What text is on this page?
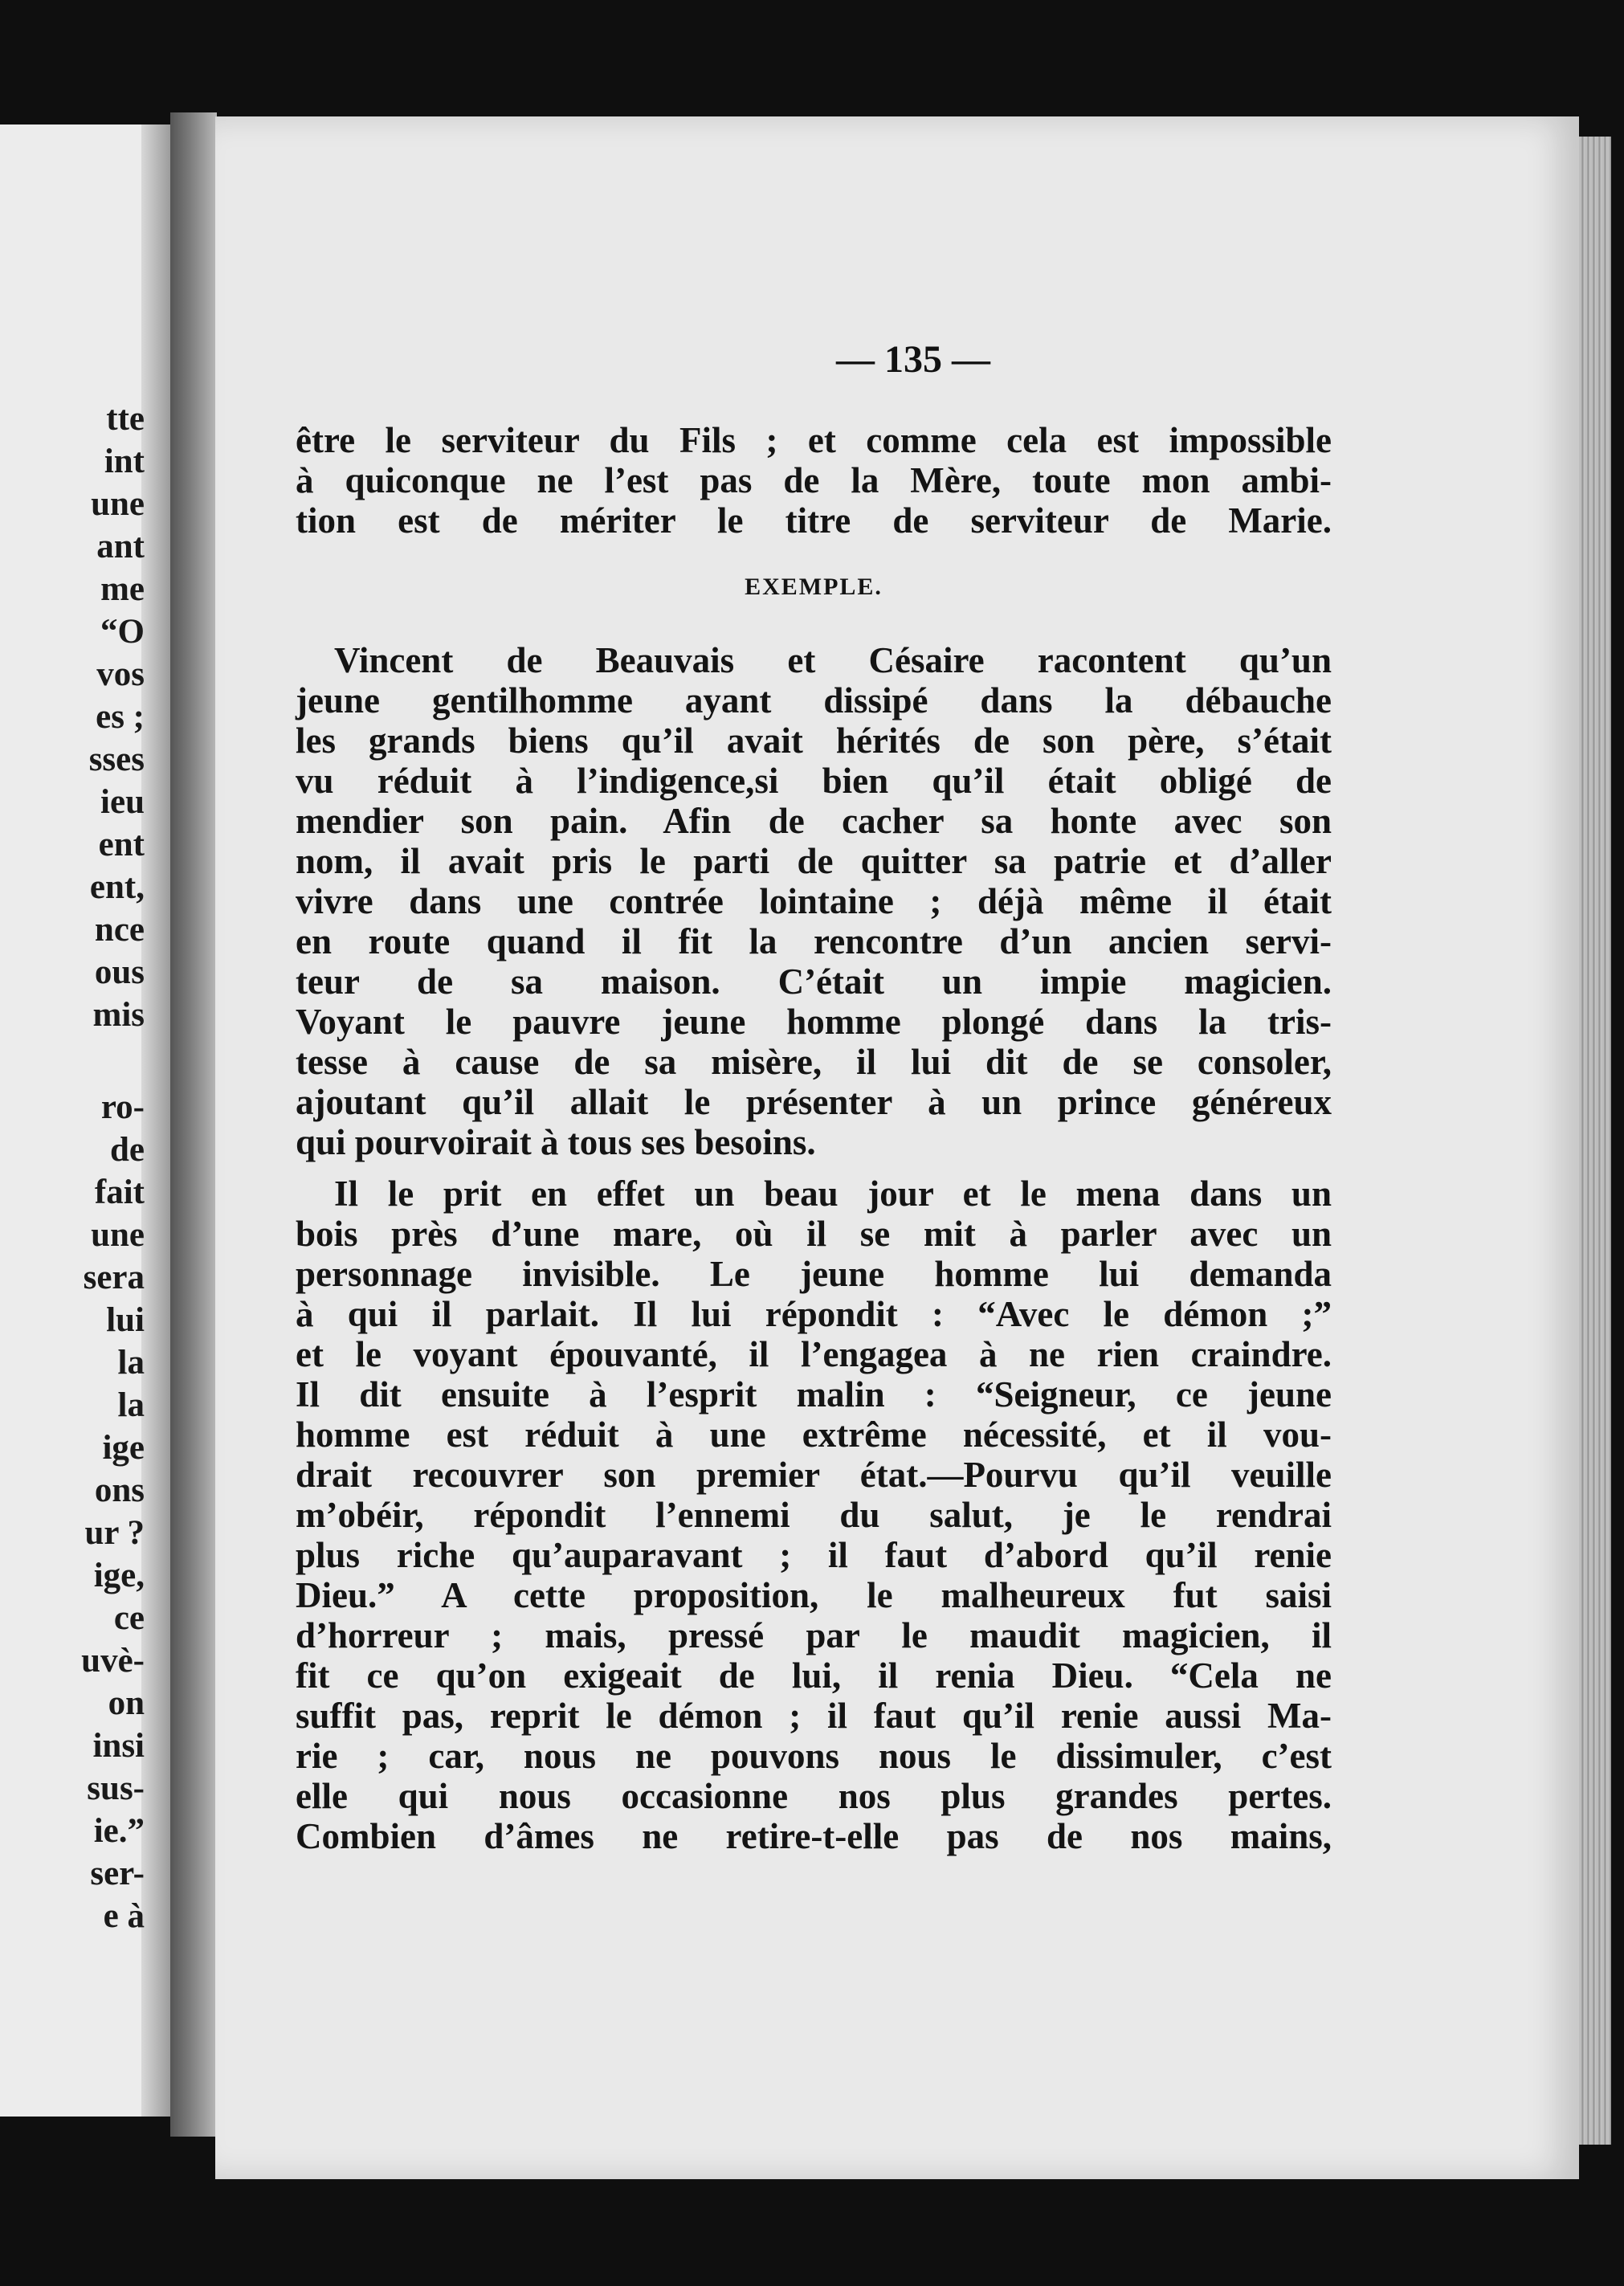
tte
int
une
ant
me
“O
vos
es ;
sses
ieu
ent
ent,
nce
ous
mis
ro-
de
fait
une
sera
lui
la
la
ige
ons
ur ?
ige,
ce
uvè-
on
insi
sus-
ie.”
ser-
e à
— 135 —
être le serviteur du Fils ; et comme cela est impossible
à quiconque ne l’est pas de la Mère, toute mon ambi-
tion est de mériter le titre de serviteur de Marie.
EXEMPLE.
Vincent de Beauvais et Césaire racontent qu’un
jeune gentilhomme ayant dissipé dans la débauche
les grands biens qu’il avait hérités de son père, s’était
vu réduit à l’indigence,si bien qu’il était obligé de
mendier son pain. Afin de cacher sa honte avec son
nom, il avait pris le parti de quitter sa patrie et d’aller
vivre dans une contrée lointaine ; déjà même il était
en route quand il fit la rencontre d’un ancien servi-
teur de sa maison. C’était un impie magicien.
Voyant le pauvre jeune homme plongé dans la tris-
tesse à cause de sa misère, il lui dit de se consoler,
ajoutant qu’il allait le présenter à un prince généreux
qui pourvoirait à tous ses besoins.
Il le prit en effet un beau jour et le mena dans un
bois près d’une mare, où il se mit à parler avec un
personnage invisible. Le jeune homme lui demanda
à qui il parlait. Il lui répondit : “Avec le démon ;”
et le voyant épouvanté, il l’engagea à ne rien craindre.
Il dit ensuite à l’esprit malin : “Seigneur, ce jeune
homme est réduit à une extrême nécessité, et il vou-
drait recouvrer son premier état.—Pourvu qu’il veuille
m’obéir, répondit l’ennemi du salut, je le rendrai
plus riche qu’auparavant ; il faut d’abord qu’il renie
Dieu.” A cette proposition, le malheureux fut saisi
d’horreur ; mais, pressé par le maudit magicien, il
fit ce qu’on exigeait de lui, il renia Dieu. “Cela ne
suffit pas, reprit le démon ; il faut qu’il renie aussi Ma-
rie ; car, nous ne pouvons nous le dissimuler, c’est
elle qui nous occasionne nos plus grandes pertes.
Combien d’âmes ne retire-t-elle pas de nos mains,
